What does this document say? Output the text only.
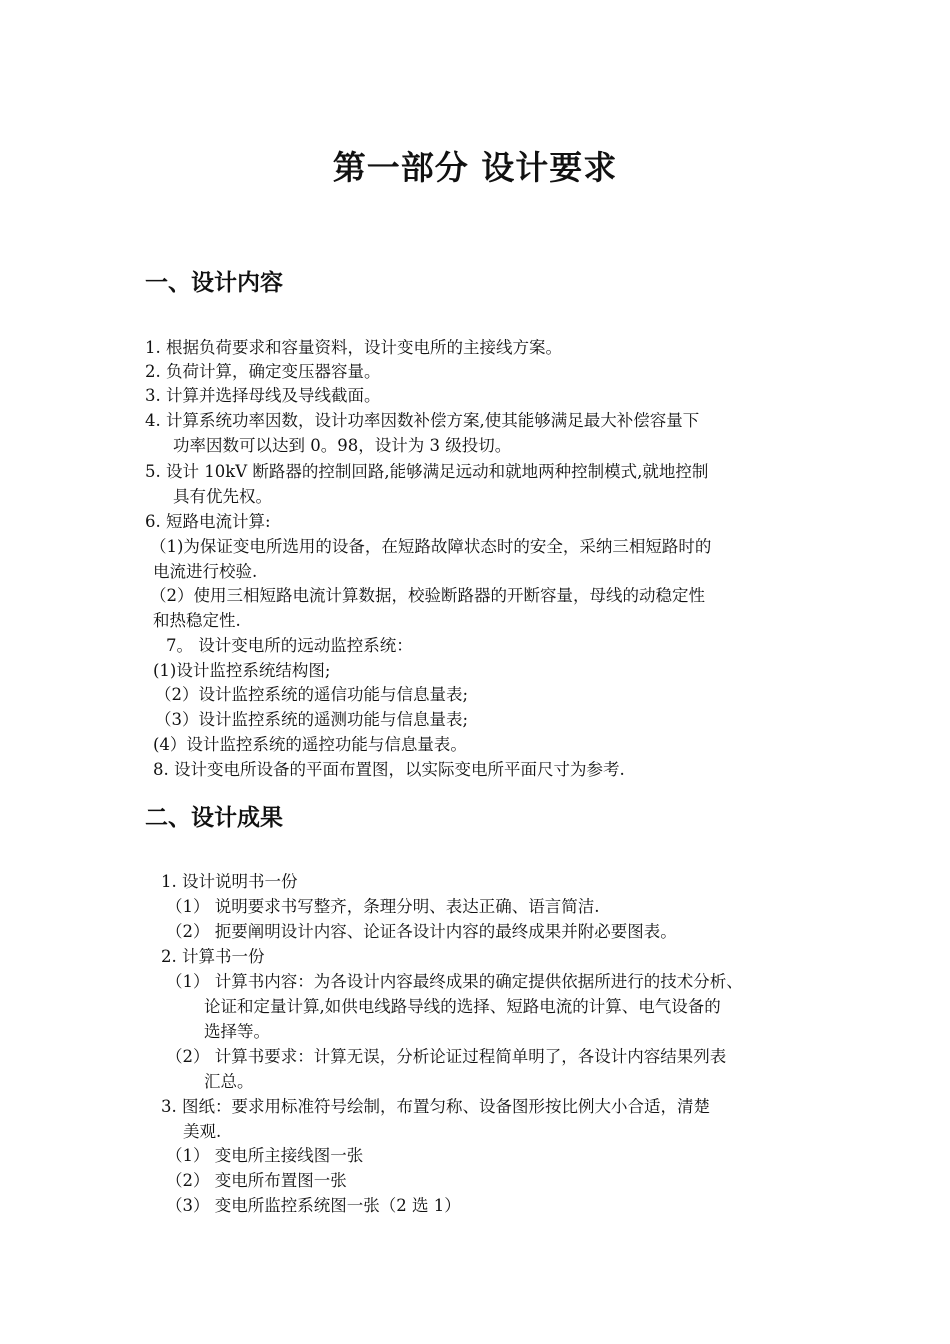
第一部分 设计要求
一、设计内容
1. 根据负荷要求和容量资料，设计变电所的主接线方案。
2. 负荷计算，确定变压器容量。
3. 计算并选择母线及导线截面。
4. 计算系统功率因数，设计功率因数补偿方案,使其能够满足最大补偿容量下
功率因数可以达到 0。98，设计为 3 级投切。
5. 设计 10kV 断路器的控制回路,能够满足远动和就地两种控制模式,就地控制
具有优先权。
6. 短路电流计算:
（1)为保证变电所选用的设备，在短路故障状态时的安全，采纳三相短路时的
电流进行校验.
（2）使用三相短路电流计算数据，校验断路器的开断容量，母线的动稳定性
和热稳定性.
7。 设计变电所的远动监控系统：
(1)设计监控系统结构图;
（2）设计监控系统的遥信功能与信息量表;
（3）设计监控系统的遥测功能与信息量表;
(4）设计监控系统的遥控功能与信息量表。
8. 设计变电所设备的平面布置图，以实际变电所平面尺寸为参考.
二、设计成果
1. 设计说明书一份
（1） 说明要求书写整齐，条理分明、表达正确、语言简洁.
（2） 扼要阐明设计内容、论证各设计内容的最终成果并附必要图表。
2. 计算书一份
（1） 计算书内容：为各设计内容最终成果的确定提供依据所进行的技术分析、
论证和定量计算,如供电线路导线的选择、短路电流的计算、电气设备的
选择等。
（2） 计算书要求：计算无误，分析论证过程简单明了，各设计内容结果列表
汇总。
3. 图纸：要求用标准符号绘制，布置匀称、设备图形按比例大小合适，清楚
美观.
（1） 变电所主接线图一张
（2） 变电所布置图一张
（3） 变电所监控系统图一张（2 选 1）
